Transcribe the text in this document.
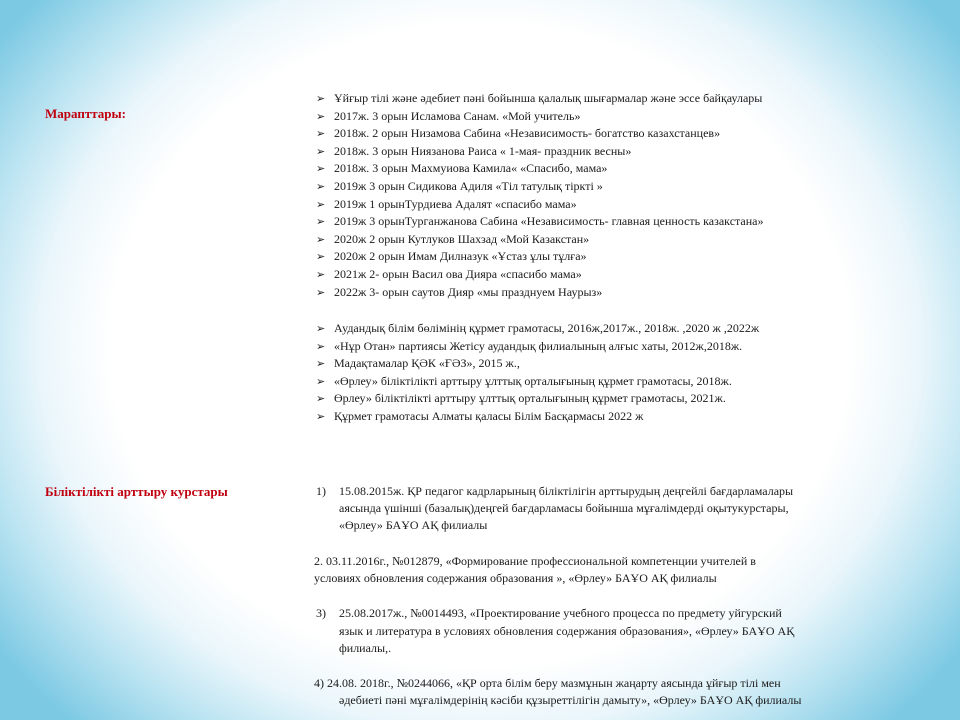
Марапттары:
Біліктілікті арттыру курстары
➢ Ұйғыр тілі және әдебиет пәні бойынша қалалық шығармалар және эссе байқаулары
➢ 2017ж. 3 орын Исламова Санам. «Мой учитель»
➢ 2018ж. 2 орын Низамова Сабина «Независимость- богатство казахстанцев»
➢ 2018ж. 3 орын Ниязанова Раиса « 1-мая- праздник весны»
➢ 2018ж. 3 орын Махмуиова Камила« «Спасибо, мама»
➢ 2019ж 3 орын Сидикова Адиля «Тіл татулық тіркті »
➢ 2019ж 1 орынТурдиева Адалят «спасибо мама»
➢ 2019ж 3 орынТурганжанова Сабина «Независимость- главная ценность казакстана»
➢ 2020ж 2 орын Кутлуков Шахзад «Мой Казакстан»
➢ 2020ж 2 орын Имам Дилназук «Ұстаз ұлы тұлға»
➢ 2021ж 2- орын Васил ова Дияра «спасибо мама»
➢ 2022ж 3- орын саутов Дияр «мы празднуем Наурыз»
➢ Аудандық білім бөлімінің құрмет грамотасы, 2016ж,2017ж., 2018ж. ,2020 ж ,2022ж
➢ «Нұр Отан» партиясы Жетісу аудандық филиалының алғыс хаты, 2012ж,2018ж.
➢ Мадақтамалар ҚӘК «ҒӘЗ», 2015 ж.,
➢ «Өрлеу» біліктілікті арттыру ұлттық орталығының құрмет грамотасы, 2018ж.
➢ Өрлеу» біліктілікті арттыру ұлттық орталығының құрмет грамотасы, 2021ж.
➢ Құрмет грамотасы Алматы қаласы Білім Басқармасы 2022 ж
1) 15.08.2015ж. ҚР педагог кадрларының біліктілігін арттырудың деңгейлі бағдарламалары
аясында үшінші (базалық)деңгей бағдарламасы бойынша мұғалімдерді оқытукурстары,
«Өрлеу» БАҰО АҚ филиалы
2. 03.11.2016г., №012879, «Формирование профессиональной компетенции учителей в
условиях обновления содержания образования », «Өрлеу» БАҰО АҚ филиалы
3) 25.08.2017ж., №0014493, «Проектирование учебного процесса по предмету уйгурский
язык и литература в условиях обновления содержания образования», «Өрлеу» БАҰО АҚ
филиалы,.
4) 24.08. 2018г., №0244066, «ҚР орта білім беру мазмұнын жаңарту аясында ұйғыр тілі мен
әдебиеті пәні мұғалімдерінің кәсіби құзыреттілігін дамыту», «Өрлеу» БАҰО АҚ филиалы
